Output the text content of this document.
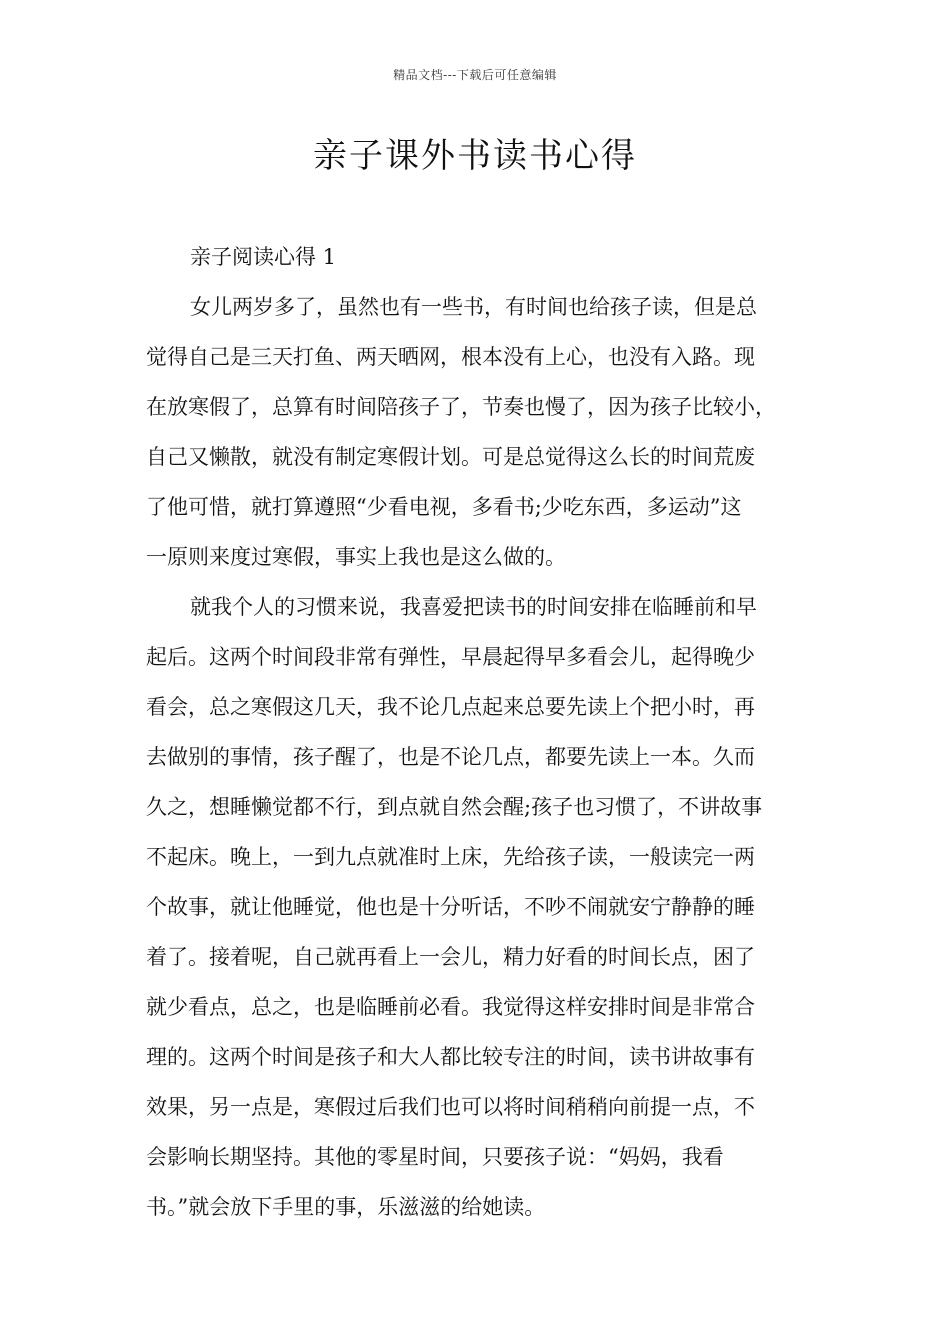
精品文档---下载后可任意编辑
亲子课外书读书心得
亲子阅读心得 1
女儿两岁多了，虽然也有一些书，有时间也给孩子读，但是总
觉得自己是三天打鱼、两天晒网，根本没有上心，也没有入路。现
在放寒假了，总算有时间陪孩子了，节奏也慢了，因为孩子比较小，
自己又懒散，就没有制定寒假计划。可是总觉得这么长的时间荒废
了他可惜，就打算遵照“少看电视，多看书;少吃东西，多运动”这
一原则来度过寒假，事实上我也是这么做的。
就我个人的习惯来说，我喜爱把读书的时间安排在临睡前和早
起后。这两个时间段非常有弹性，早晨起得早多看会儿，起得晚少
看会，总之寒假这几天，我不论几点起来总要先读上个把小时，再
去做别的事情，孩子醒了，也是不论几点，都要先读上一本。久而
久之，想睡懒觉都不行，到点就自然会醒;孩子也习惯了，不讲故事
不起床。晚上，一到九点就准时上床，先给孩子读，一般读完一两
个故事，就让他睡觉，他也是十分听话，不吵不闹就安宁静静的睡
着了。接着呢，自己就再看上一会儿，精力好看的时间长点，困了
就少看点，总之，也是临睡前必看。我觉得这样安排时间是非常合
理的。这两个时间是孩子和大人都比较专注的时间，读书讲故事有
效果，另一点是，寒假过后我们也可以将时间稍稍向前提一点，不
会影响长期坚持。其他的零星时间，只要孩子说：“妈妈，我看
书。”就会放下手里的事，乐滋滋的给她读。
